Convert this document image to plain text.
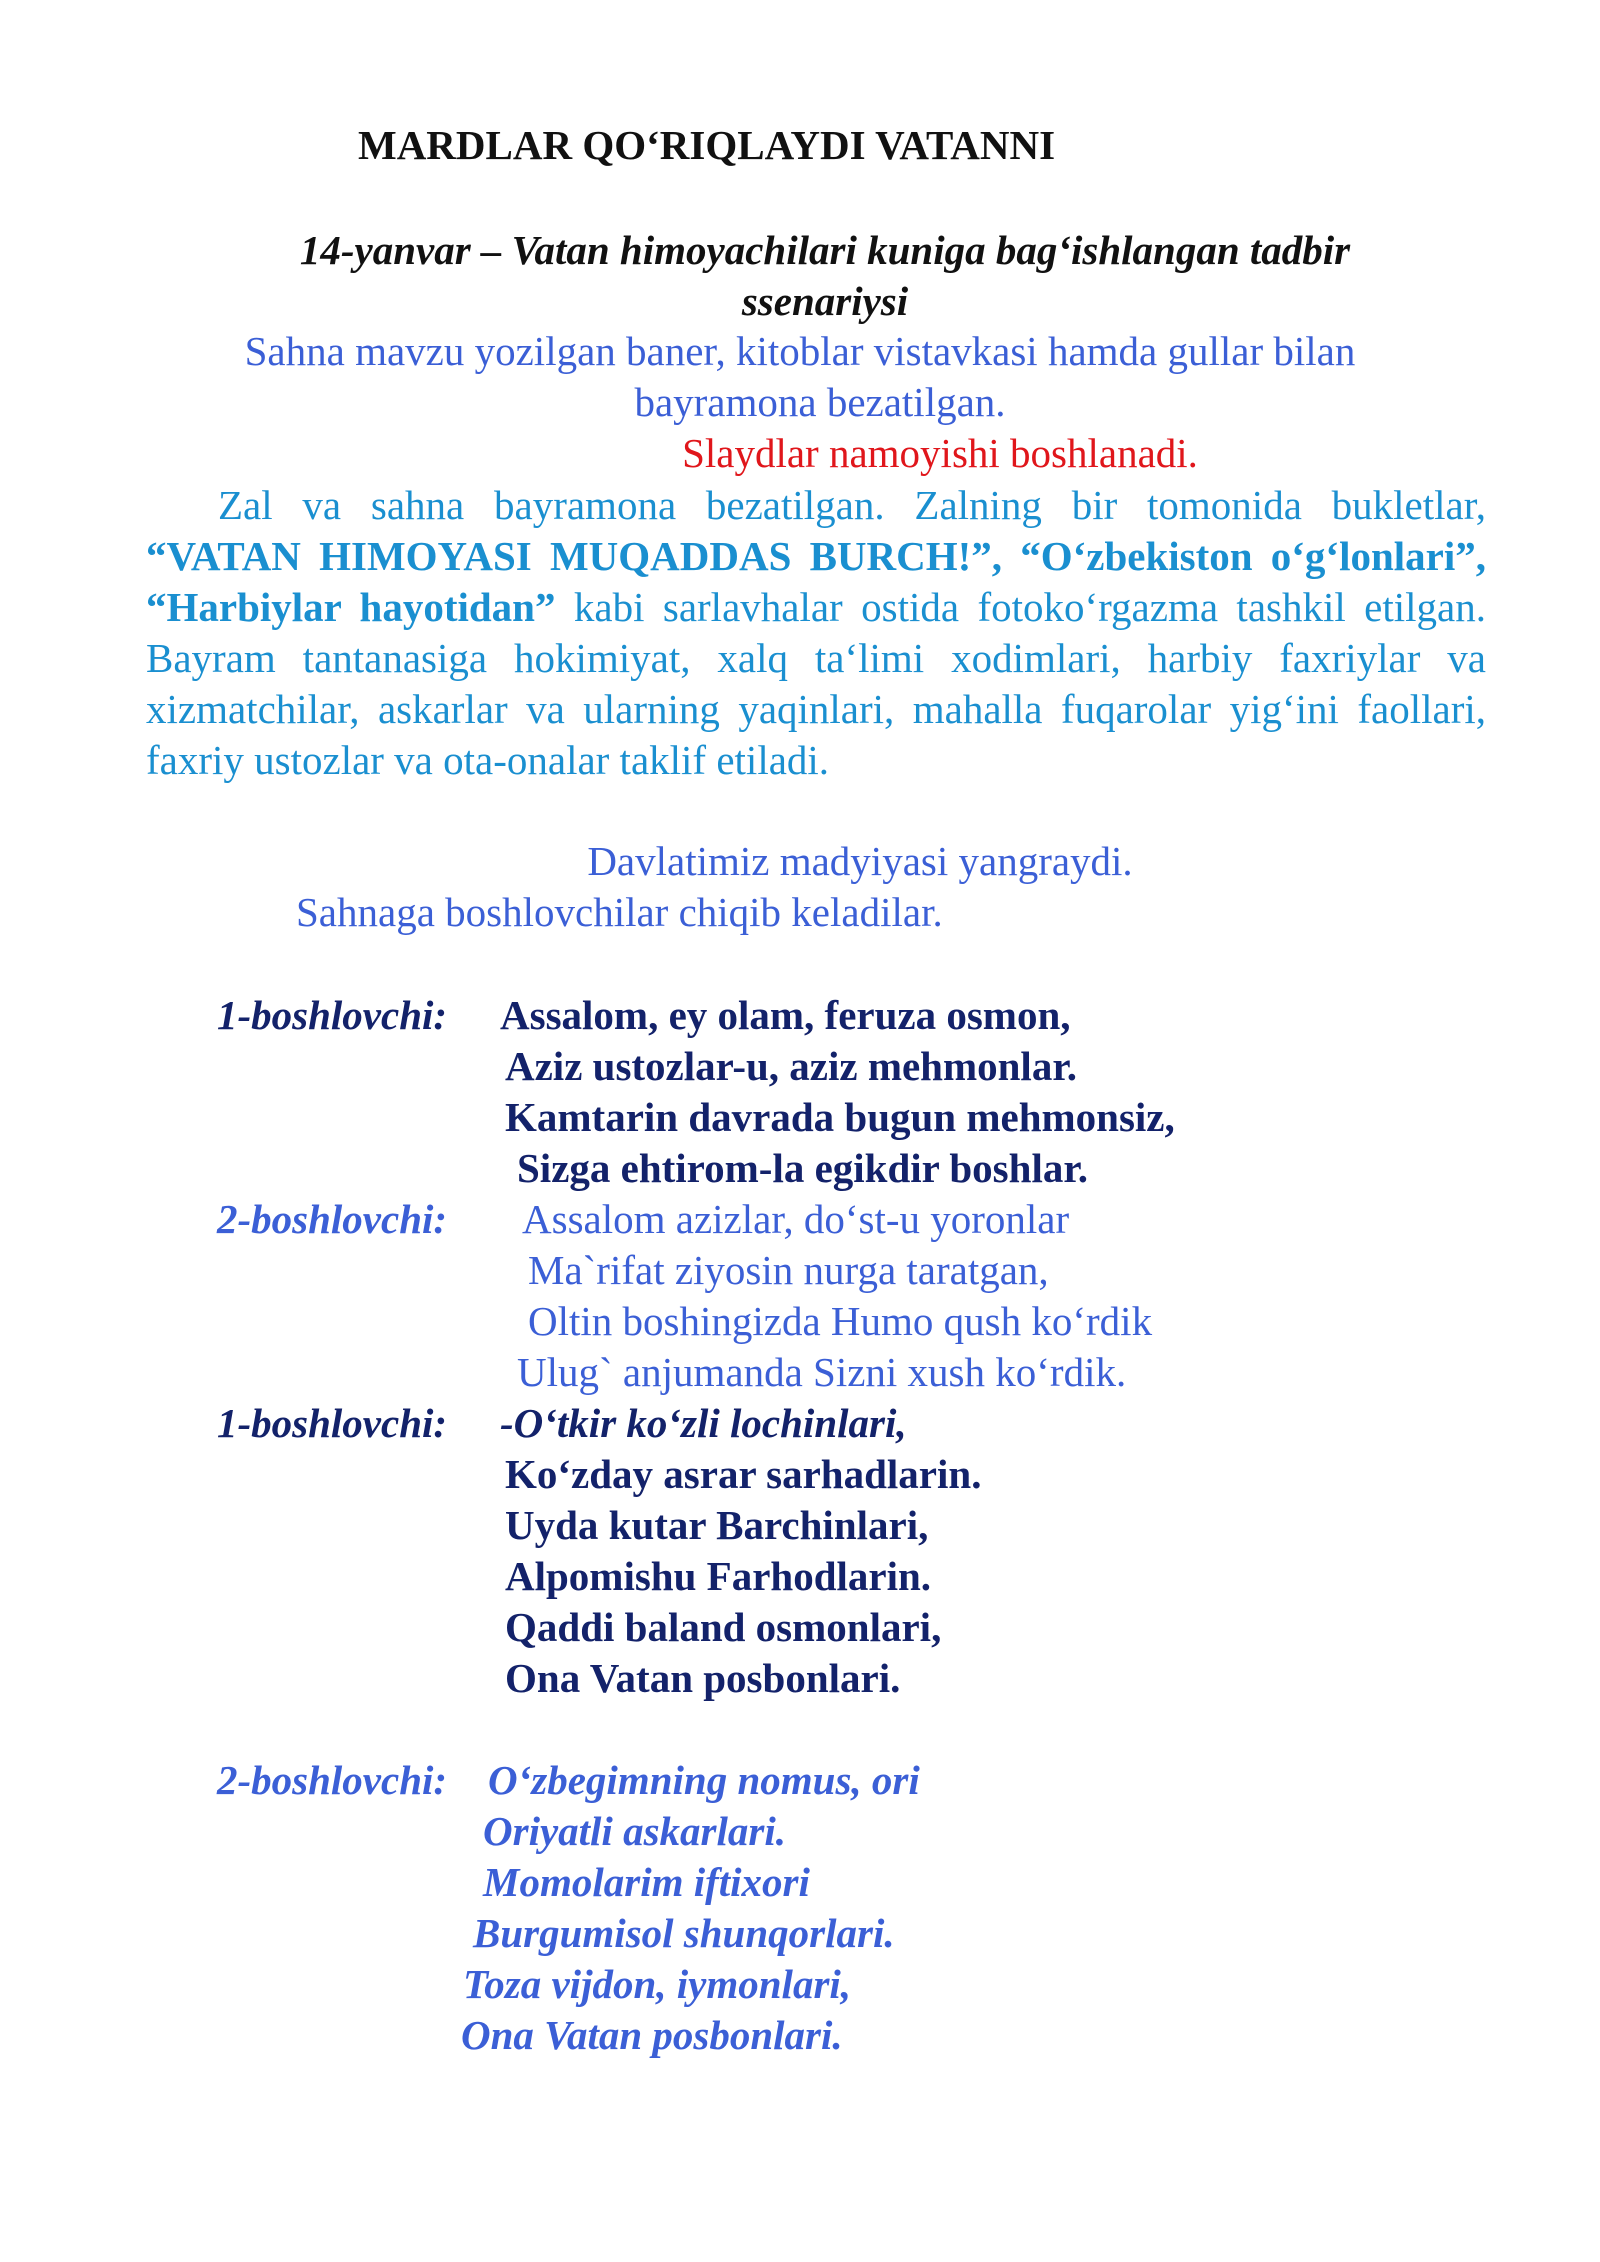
MARDLAR QO‘RIQLAYDI VATANNI
14-yanvar – Vatan himoyachilari kuniga bag‘ishlangan tadbir ssenariysi
Sahna mavzu yozilgan baner, kitoblar vistavkasi hamda gullar bilan
bayramona bezatilgan.
Slaydlar namoyishi boshlanadi.
Zal va sahna bayramona bezatilgan. Zalning bir tomonida bukletlar, “VATAN HIMOYASI MUQADDAS BURCH!”, “O‘zbekiston o‘g‘lonlari”, “Harbiylar hayotidan” kabi sarlavhalar ostida fotoko‘rgazma tashkil etilgan. Bayram tantanasiga hokimiyat, xalq ta‘limi xodimlari, harbiy faxriylar va xizmatchilar, askarlar va ularning yaqinlari, mahalla fuqarolar yig‘ini faollari, faxriy ustozlar va ota-onalar taklif etiladi.
Davlatimiz madyiyasi yangraydi.
Sahnaga boshlovchilar chiqib keladilar.
1-boshlovchi: Assalom, ey olam, feruza osmon,
Aziz ustozlar-u, aziz mehmonlar.
Kamtarin davrada bugun mehmonsiz,
Sizga ehtirom-la egikdir boshlar.
2-boshlovchi: Assalom azizlar, do‘st-u yoronlar
Ma`rifat ziyosin nurga taratgan,
Oltin boshingizda Humo qush ko‘rdik
Ulug` anjumanda Sizni xush ko‘rdik.
1-boshlovchi: -O‘tkir ko‘zli lochinlari,
Ko‘zday asrar sarhadlarin.
Uyda kutar Barchinlari,
Alpomishu Farhodlarin.
Qaddi baland osmonlari,
Ona Vatan posbonlari.
2-boshlovchi: O‘zbegimning nomus, ori
Oriyatli askarlari.
Momolarim iftixori
Burgumisol shunqorlari.
Toza vijdon, iymonlari,
Ona Vatan posbonlari.
